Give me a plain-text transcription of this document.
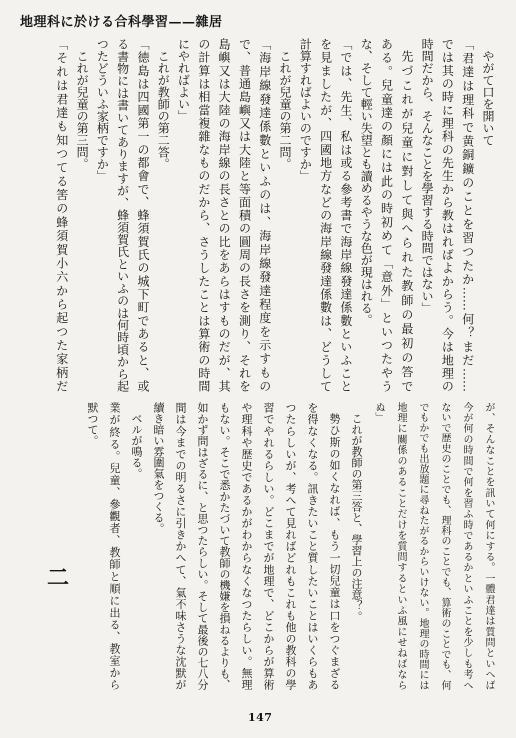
地理科に於ける合科學習——雜居
やがて口を開いて
「君達は理科で黄銅鑛のことを習つたか……何？まだ……
では其の時に理科の先生から教はればよからう。今は地理の
時間だから、そんなことを學習する時間ではない」
先づこれが兒童に對して與へられた教師の最初の答で
ある。兒童達の顏には此の時初めて「意外」といつたやう
な、そして輕い失望とも讀めるやうな色が現はれる。
「では、先生、私は或る參考書で海岸線發達係數といふこと
を見ましたが、四國地方などの海岸線發達係數は、どうして
計算すればよいのですか」
これが兒童の第二問。
「海岸線發達係數といふのは、海岸線發達程度を示すもの
で、普通島嶼又は大陸と等面積の圓周の長さを測り、それを
島嶼又は大陸の海岸線の長さとの比をあらはすものだが、其
の計算は相當複雜なものだから、さうしたことは算術の時間
にやればよい」
これが教師の第二答。
「徳島は四國第一の都會で、蜂須賀氏の城下町であると、或
る書物には書いてありますが、蜂須賀氏といふのは何時頃から起
つたどういふ家柄ですか」
これが兒童の第三問。
「それは君達も知つてる筈の蜂須賀小六から起つた家柄だ
が、そんなことを訊いて何にする。一體君達は質問といへば
今が何の時間で何を習ふ時であるかといふことを少しも考へ
ないで歴史のことでも、理科のことでも、算術のことでも、何
でもかでも出放題に尋ねたがるからいけない。地理の時間には
地理に關係のあることだけを質問するといふ風にせねばなら
ぬ」
これが教師の第三答と、學習上の注意？。
勢ひ斯の如くなれば、もう一切兒童は口をつぐまざる
を得なくなる。訊きたいこと質したいことはいくらもあ
つたらしいが、考へて見ればどれもこれも他の教科の學
習でやれるらしい。どこまでが地理で、どこからが算術
や理科や歴史であるかがわからなくなつたらしい。無理
もない。そこで悉かたづいて教師の機嫌を損ねるよりも、
如かず問はざるに、と思つたらしい。そして最後の七八分
間は今までの明るさに引きかへて、氣不味さうな沈默が
續き暗い雰圍氣をつくる。
ベルが鳴る。
業が終る。兒童、參觀者、教師と順に出る、教室から
默つて。
二
147
